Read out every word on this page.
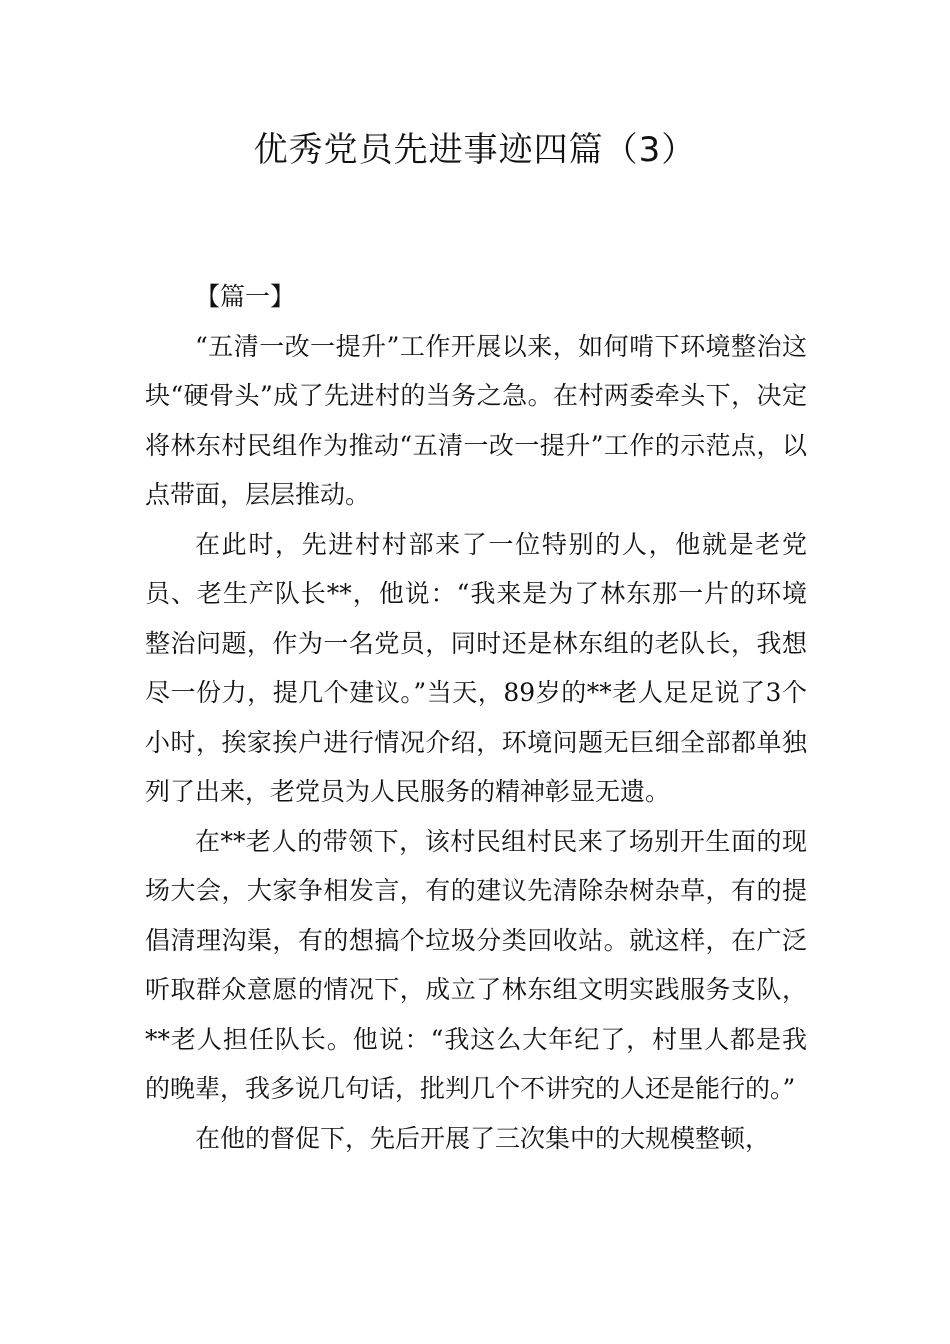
优秀党员先进事迹四篇（3）

【篇一】

“五清一改一提升”工作开展以来，如何啃下环境整治这块“硬骨头”成了先进村的当务之急。在村两委牵头下，决定将林东村民组作为推动“五清一改一提升”工作的示范点，以点带面，层层推动。

在此时，先进村村部来了一位特别的人，他就是老党员、老生产队长**，他说：“我来是为了林东那一片的环境整治问题，作为一名党员，同时还是林东组的老队长，我想尽一份力，提几个建议。”当天，89岁的**老人足足说了3个小时，挨家挨户进行情况介绍，环境问题无巨细全部都单独列了出来，老党员为人民服务的精神彰显无遗。

在**老人的带领下，该村民组村民来了场别开生面的现场大会，大家争相发言，有的建议先清除杂树杂草，有的提倡清理沟渠，有的想搞个垃圾分类回收站。就这样，在广泛听取群众意愿的情况下，成立了林东组文明实践服务支队，**老人担任队长。他说：“我这么大年纪了，村里人都是我的晚辈，我多说几句话，批判几个不讲究的人还是能行的。”

在他的督促下，先后开展了三次集中的大规模整顿，
